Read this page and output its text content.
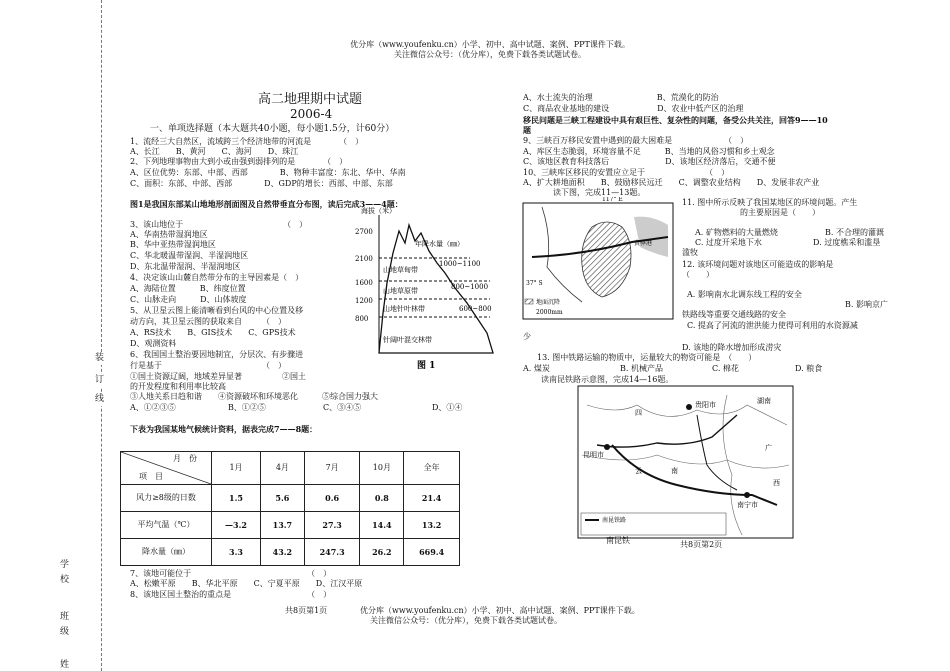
装
订
线
学
校
班
级
姓
优分库（www.youfenku.cn）小学、初中、高中试题、案例、PPT课件下载。
关注微信公众号：（优分库），免费下载各类试题试卷。
高二地理期中试题
2006-4
一、单项选择题（本大题共40小题，每小题1.5分，计60分）
1、流经三大自然区，流域跨三个经济地带的河流是　　　　（　）
A、长江　　B、黄河　　C、海河　　D、珠江
2、下列地理事物由大到小或由强到弱排列的是　　　　（　）
A、区位优势：东部、中部、西部　　　　B、物种丰富度：东北、华中、华南
C、面积：东部、中部、西部　　　　D、GDP的增长：西部、中部、东部
图1是我国东部某山地地形剖面图及自然带垂直分布图，读后完成3——4题：
3、该山地位于　　　　　　　　　　　　　（　）
A、华南热带湿润地区
B、华中亚热带湿润地区
C、华北暖温带湿润、半湿润地区
D、东北温带湿润、半湿润地区
4、决定该山山麓自然带分布的主导因素是（　）
A、海陆位置　　　B、纬度位置
C、山脉走向　　　D、山体坡度
5、从卫星云图上能清晰看到台风的中心位置及移
动方向，其卫星云图的获取来自　　　（　）
A、RS技术　　B、GIS技术　　C、GPS技术
D、观测资料
6、我国国土整治要因地制宜，分层次、有步骤进
行是基于　　　　　　　　　　　　　（　）
①国土资源辽阔，地域差异显著　　　　　②国土
的开发程度和利用率比较高
③人地关系日趋和谐　　④资源破坏和环境恶化　　　⑤综合国力强大
A、①②③⑤	B、①②⑤	C、③④⑤	D、①④
下表为我国某地气候统计资料，据表完成7——8题：
海拔（米）
2700
2100
1600
1200
800
年降水量（㎜）
山地草甸带
山地草原带
山地针叶林带
针阔叶混交林带
1000~1100
800~1000
600~800
图 1
月　份
项　目	1月	4月	7月	10月	全年
风力≥8级的日数	1.5	5.6	0.6	0.8	21.4
平均气温（℃）	—3.2	13.7	27.3	14.4	13.2
降水量（㎜）	3.3	43.2	247.3	26.2	669.4
7、该地可能位于　　　　　　　　　　　　　　　（　）
A、松嫩平原　　B、华北平原　　C、宁夏平原　　D、江汉平原
8、该地区国土整治的重点是　　　　　　　　　　（　）
共8页第1页
A、水土流失的治理　　　　　　　　B、荒漠化的防治
C、商品农业基地的建设　　　　　　D、农业中低产区的治理
移民问题是三峡工程建设中具有艰巨性、复杂性的问题，备受公共关注，回答9——10
题
9、三峡百万移民安置中遇到的最大困难是　　　　　　　（　）
A、库区生态脆弱，环境容量不足　　　B、当地的风俗习惯和乡土观念
C、该地区教育科技落后　　　　　　　D、该地区经济落后，交通不便
10、三峡库区移民的安置应立足于　　　　　　　　（　）
A、扩大耕地面积　　B、鼓励移民远迁　　C、调整农业结构　　D、发展非农产业
读下图，完成11—13题。
117° E
37° S
黄骅港
地面沉降
2000mm
11. 图中所示反映了我国某地区的环境问题。产生
的主要原因是（　　）
A. 矿物燃料的大量燃烧	B. 不合理的灌溉
C. 过度开采地下水	D. 过度樵采和滥垦
滥牧
12. 该环境问题对该地区可能造成的影响是
（　　）
A. 影响南水北调东线工程的安全
B. 影响京广
铁路线等重要交通线路的安全
C. 提高了河流的泄洪能力使得可利用的水资源减
少
D. 该地的降水增加形成涝灾
13. 图中铁路运输的物质中，运量较大的物资可能是　（　　）
A. 煤炭	B. 机械产品	C. 棉花	D. 粮食
读南昆铁路示意图，完成14—16题。
贵阳市	湖南
四
广
云	南
西
南宁市
昆明市
南昆铁路
南昆铁	共8页第2页
优分库（www.youfenku.cn）小学、初中、高中试题、案例、PPT课件下载。
关注微信公众号：（优分库），免费下载各类试题试卷。
